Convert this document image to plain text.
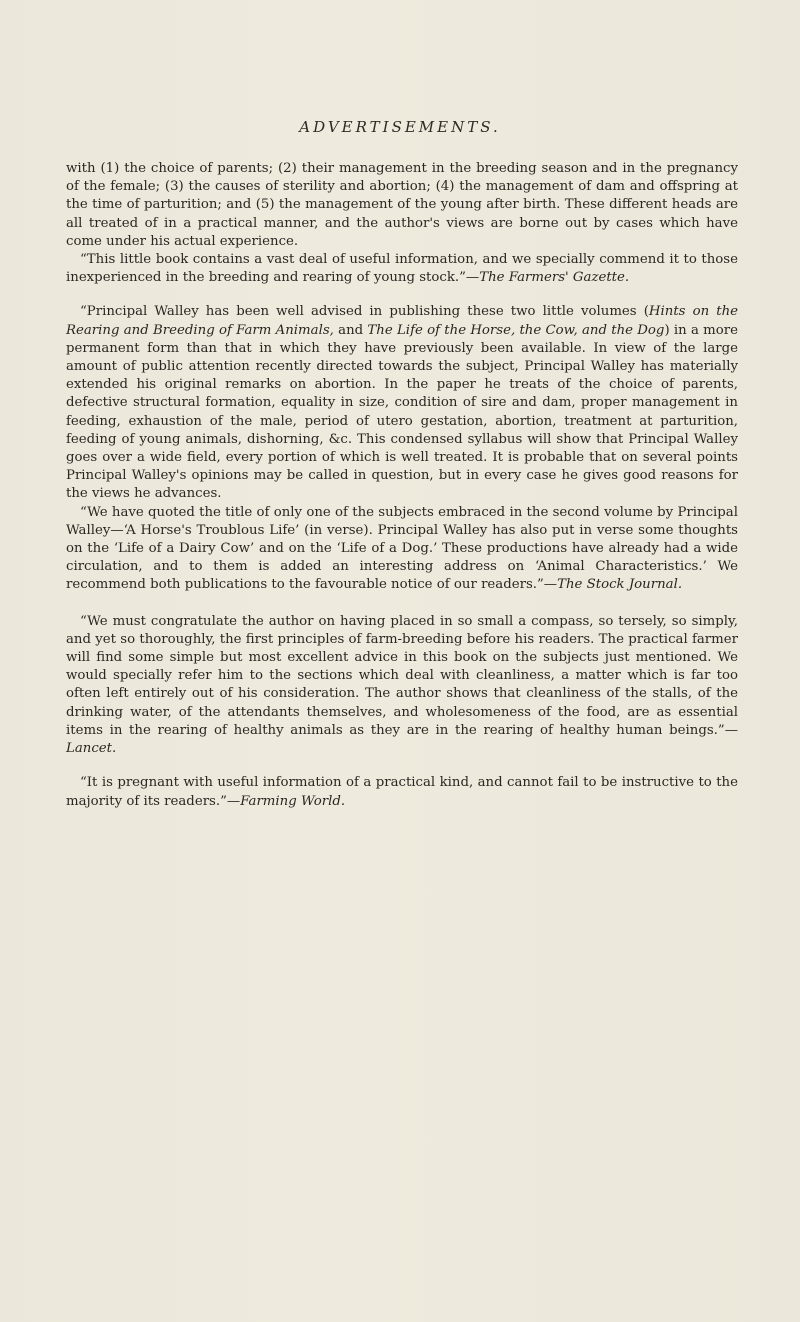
ADVERTISEMENTS.

with (1) the choice of parents; (2) their management in the breeding season and in the pregnancy of the female; (3) the causes of sterility and abortion; (4) the management of dam and offspring at the time of parturition; and (5) the management of the young after birth. These different heads are all treated of in a practical manner, and the author's views are borne out by cases which have come under his actual experience.

“This little book contains a vast deal of useful information, and we specially commend it to those inexperienced in the breeding and rearing of young stock.”—The Farmers' Gazette.

“Principal Walley has been well advised in publishing these two little volumes (Hints on the Rearing and Breeding of Farm Animals, and The Life of the Horse, the Cow, and the Dog) in a more permanent form than that in which they have previously been available. In view of the large amount of public attention recently directed towards the subject, Principal Walley has materially extended his original remarks on abortion. In the paper he treats of the choice of parents, defective structural formation, equality in size, condition of sire and dam, proper management in feeding, exhaustion of the male, period of utero gestation, abortion, treatment at parturition, feeding of young animals, dishorning, &c. This condensed syllabus will show that Principal Walley goes over a wide field, every portion of which is well treated. It is probable that on several points Principal Walley's opinions may be called in question, but in every case he gives good reasons for the views he advances.

“We have quoted the title of only one of the subjects embraced in the second volume by Principal Walley—‘A Horse's Troublous Life’ (in verse). Principal Walley has also put in verse some thoughts on the ‘Life of a Dairy Cow’ and on the ‘Life of a Dog.’ These productions have already had a wide circulation, and to them is added an interesting address on ‘Animal Characteristics.’ We recommend both publications to the favourable notice of our readers.”—The Stock Journal.

“We must congratulate the author on having placed in so small a compass, so tersely, so simply, and yet so thoroughly, the first principles of farm-breeding before his readers. The practical farmer will find some simple but most excellent advice in this book on the subjects just mentioned. We would specially refer him to the sections which deal with cleanliness, a matter which is far too often left entirely out of his consideration. The author shows that cleanliness of the stalls, of the drinking water, of the attendants themselves, and wholesomeness of the food, are as essential items in the rearing of healthy animals as they are in the rearing of healthy human beings.”—Lancet.

“It is pregnant with useful information of a practical kind, and cannot fail to be instructive to the majority of its readers.”—Farming World.
